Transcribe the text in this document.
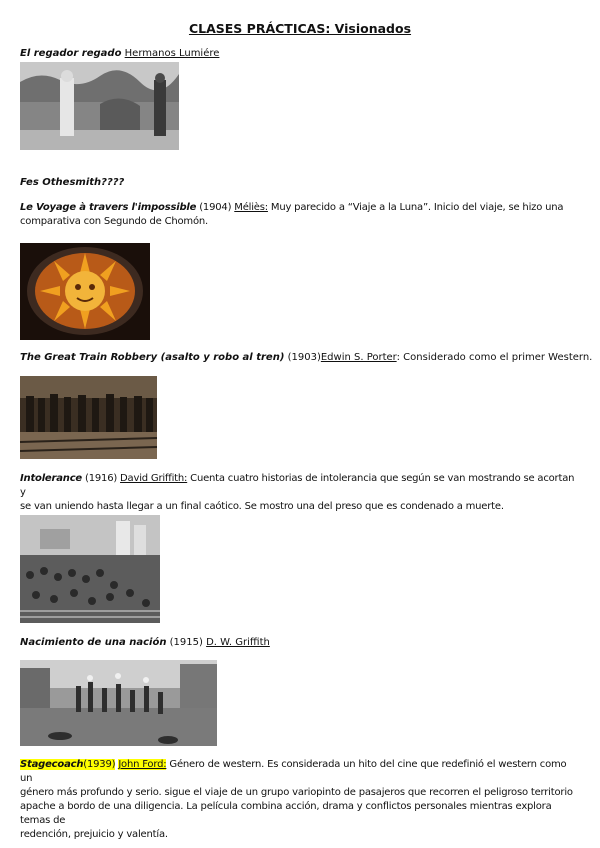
CLASES PRÁCTICAS: Visionados
El regador regado Hermanos Lumiére
Fes Othesmith????
Le Voyage à travers l'impossible (1904) Méliès: Muy parecido a “Viaje a la Luna”. Inicio del viaje, se hizo una
comparativa con Segundo de Chomón.
The Great Train Robbery (asalto y robo al tren) (1903)Edwin S. Porter: Considerado como el primer Western.
Intolerance (1916) David Griffith: Cuenta cuatro historias de intolerancia que según se van mostrando se acortan y
se van uniendo hasta llegar a un final caótico. Se mostro una del preso que es condenado a muerte.
Nacimiento de una nación (1915) D. W. Griffith
Stagecoach(1939) John Ford: Género de western. Es considerada un hito del cine que redefinió el western como un
género más profundo y serio. sigue el viaje de un grupo variopinto de pasajeros que recorren el peligroso territorio
apache a bordo de una diligencia. La película combina acción, drama y conflictos personales mientras explora temas de
redención, prejuicio y valentía.
